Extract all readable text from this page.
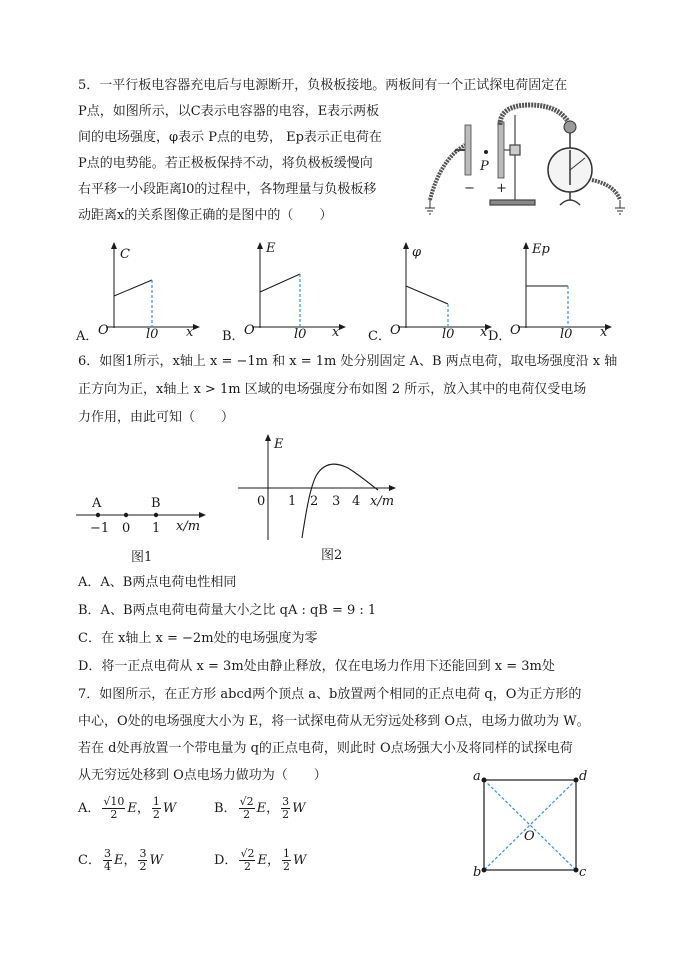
5．一平行板电容器充电后与电源断开，负极板接地。两板间有一个正试探电荷固定在
P点，如图所示，以C表示电容器的电容，E表示两板
间的电场强度，φ表示 P点的电势， Ep表示正电荷在
P点的电势能。若正极板保持不动，将负极板缓慢向
右平移一小段距离l0的过程中，各物理量与负极板移
动距离x的关系图像正确的是图中的（　　）
P
− +
A．
C
O	x
l0	B．
E
O	x
l0	C．
φ
O	x
l0	D．
Ep
O	x
l0
6．如图1所示，x轴上 x = −1m 和 x = 1m 处分别固定 A、B 两点电荷，取电场强度沿 x 轴
正方向为正，x轴上 x > 1m 区域的电场强度分布如图 2 所示，放入其中的电荷仅受电场
力作用，由此可知（　　）
A	B
−1 0 1 x/m
图1
E
0 1 2 3 4 x/m
图2
A．A、B两点电荷电性相同
B．A、B两点电荷电荷量大小之比 qA : qB = 9 : 1
C．在 x轴上 x = −2m处的电场强度为零
D．将一正点电荷从 x = 3m处由静止释放，仅在电场力作用下还能回到 x = 3m处
7．如图所示，在正方形 abcd两个顶点 a、b放置两个相同的正点电荷 q，O为正方形的
中心，O处的电场强度大小为 E，将一试探电荷从无穷远处移到 O点，电场力做功为 W。
若在 d处再放置一个带电量为 q的正点电荷，则此时 O点场强大小及将同样的试探电荷
从无穷远处移到 O点电场力做功为（　　）
A． $\frac{√10}{2}$ E， $\frac{1}{2}$ W	B． $\frac{√2}{2}$ E， $\frac{3}{2}$ W
C． $\frac{3}{4}$ E， $\frac{3}{2}$ W	D． $\frac{√2}{2}$ E， $\frac{1}{2}$ W
a	d
b	c
O
